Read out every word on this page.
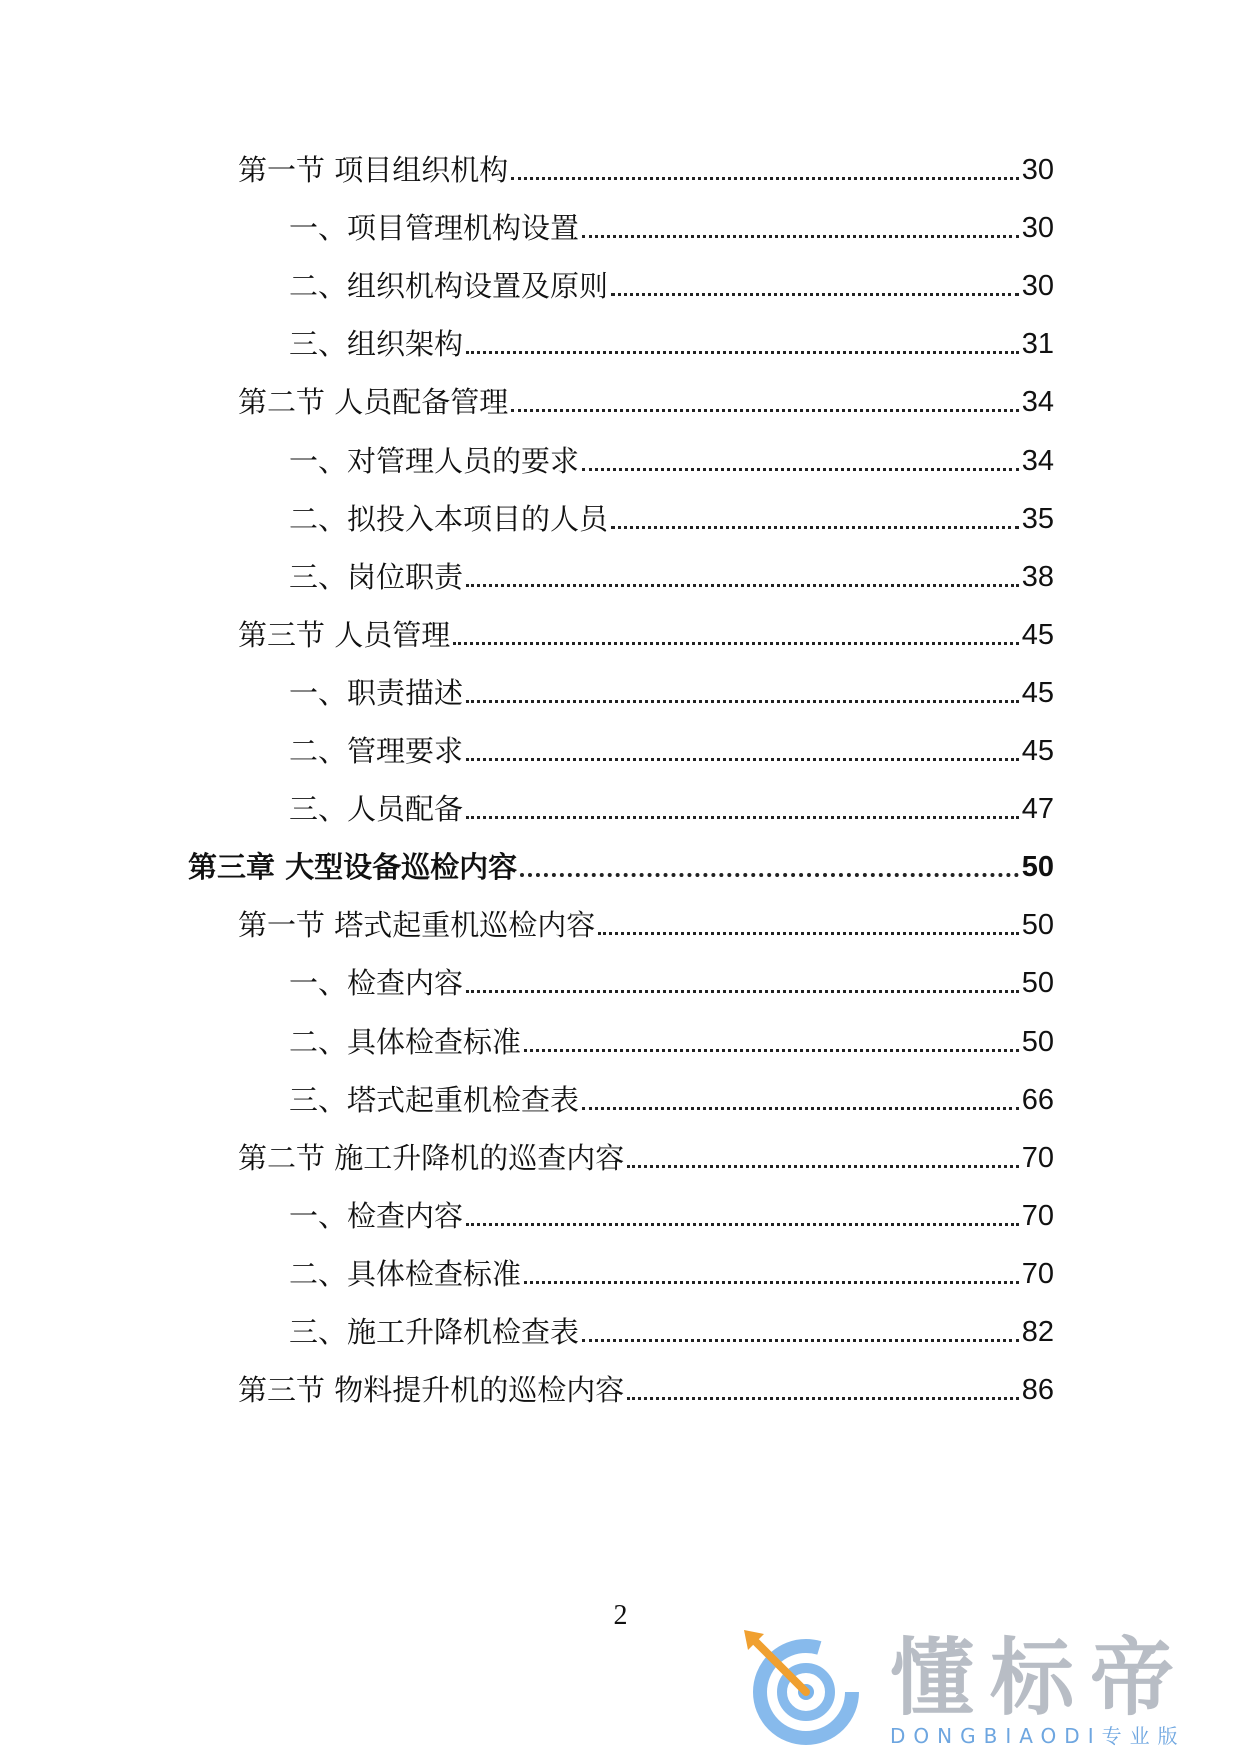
第一节 项目组织机构	30
一、项目管理机构设置	30
二、组织机构设置及原则	30
三、组织架构	31
第二节 人员配备管理	34
一、对管理人员的要求	34
二、拟投入本项目的人员	35
三、岗位职责	38
第三节 人员管理	45
一、职责描述	45
二、管理要求	45
三、人员配备	47
第三章 大型设备巡检内容	50
第一节 塔式起重机巡检内容	50
一、检查内容	50
二、具体检查标准	50
三、塔式起重机检查表	66
第二节 施工升降机的巡查内容	70
一、检查内容	70
二、具体检查标准	70
三、施工升降机检查表	82
第三节 物料提升机的巡检内容	86
2
懂标帝
DONGBIAODI专业版
